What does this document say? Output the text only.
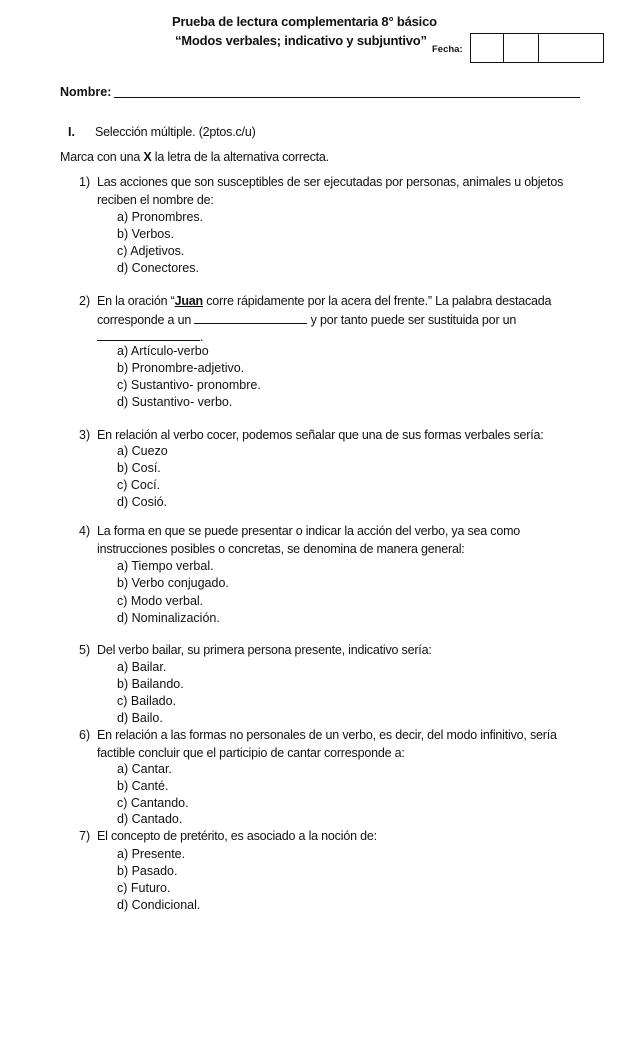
Prueba de lectura complementaria 8° básico
“Modos verbales; indicativo y subjuntivo”
Fecha:
Nombre:
I. Selección múltiple. (2ptos.c/u)
Marca con una X la letra de la alternativa correcta.
1) Las acciones que son susceptibles de ser ejecutadas por personas, animales u objetos
reciben el nombre de:
a) Pronombres.
b) Verbos.
c) Adjetivos.
d) Conectores.
2) En la oración “Juan corre rápidamente por la acera del frente.” La palabra destacada
corresponde a un	y por tanto puede ser sustituida por un
.
a) Artículo-verbo
b) Pronombre-adjetivo.
c) Sustantivo- pronombre.
d) Sustantivo- verbo.
3) En relación al verbo cocer, podemos señalar que una de sus formas verbales sería:
a) Cuezo
b) Cosí.
c) Cocí.
d) Cosió.
4) La forma en que se puede presentar o indicar la acción del verbo, ya sea como
instrucciones posibles o concretas, se denomina de manera general:
a) Tiempo verbal.
b) Verbo conjugado.
c) Modo verbal.
d) Nominalización.
5) Del verbo bailar, su primera persona presente, indicativo sería:
a) Bailar.
b) Bailando.
c) Bailado.
d) Bailo.
6) En relación a las formas no personales de un verbo, es decir, del modo infinitivo, sería
factible concluir que el participio de cantar corresponde a:
a) Cantar.
b) Canté.
c) Cantando.
d) Cantado.
7) El concepto de pretérito, es asociado a la noción de:
a) Presente.
b) Pasado.
c) Futuro.
d) Condicional.
